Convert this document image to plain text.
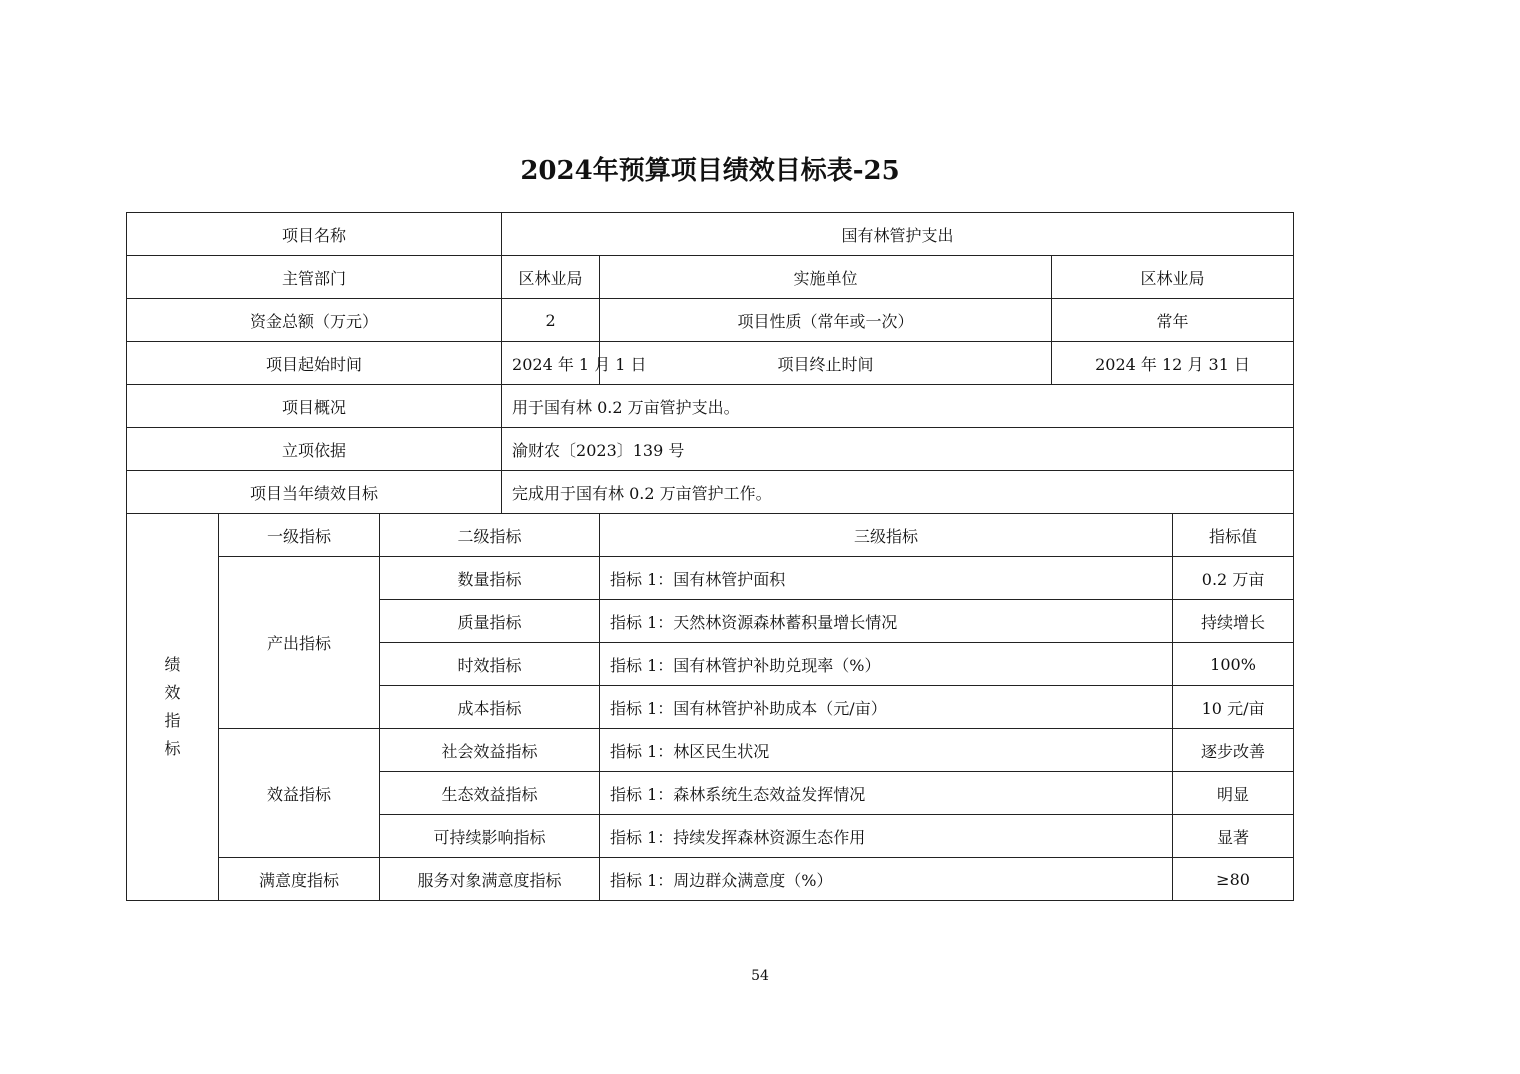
2024年预算项目绩效目标表-25
项目名称			国有林管护支出			
主管部门			区林业局	实施单位	区林业局	
资金总额（万元）			2	项目性质（常年或一次）	常年	
项目起始时间			2024 年 1 月 1 日	项目终止时间	2024 年 12 月 31 日	
项目概况			用于国有林 0.2 万亩管护支出。			
立项依据			渝财农〔2023〕139 号			
项目当年绩效目标			完成用于国有林 0.2 万亩管护工作。			
绩
效
指
标	一级指标	二级指标		三级指标		指标值
	产出指标	数量指标		指标 1：国有林管护面积		0.2 万亩
		质量指标		指标 1：天然林资源森林蓄积量增长情况		持续增长
		时效指标		指标 1：国有林管护补助兑现率（%）		100%
		成本指标		指标 1：国有林管护补助成本（元/亩）		10 元/亩
	效益指标	社会效益指标		指标 1：林区民生状况		逐步改善
		生态效益指标		指标 1：森林系统生态效益发挥情况		明显
		可持续影响指标		指标 1：持续发挥森林资源生态作用		显著
	满意度指标	服务对象满意度指标		指标 1：周边群众满意度（%）		≥80
54
